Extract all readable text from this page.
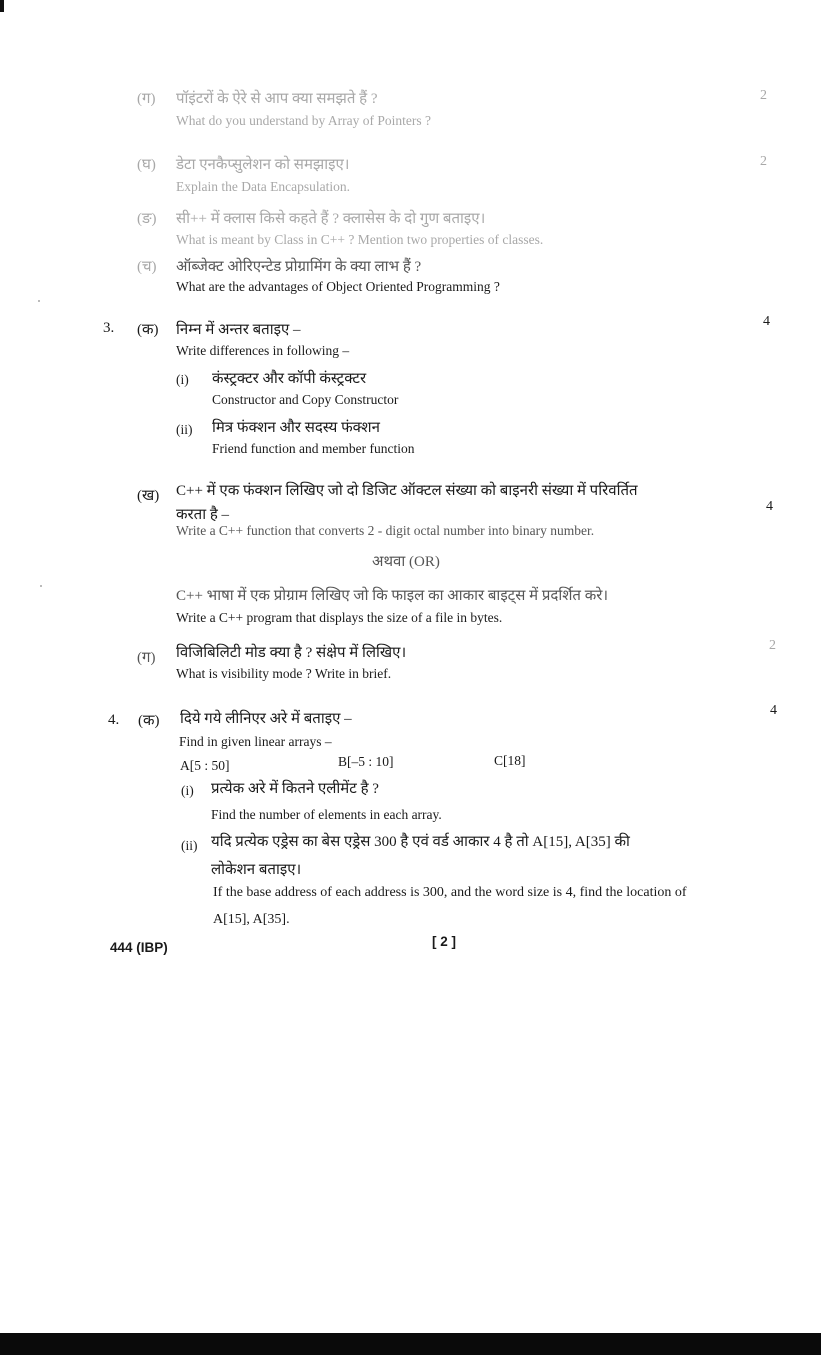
(ग) पॉइंटरों के ऐरे से आप क्या समझते हैं ?
What do you understand by Array of Pointers ?
2
(घ) डेटा एनकैप्सुलेशन को समझाइए।
Explain the Data Encapsulation.
2
(ङ) सी++ में क्लास किसे कहते हैं ? क्लासेस के दो गुण बताइए।
What is meant by Class in C++ ? Mention two properties of classes.
(च) ऑब्जेक्ट ओरिएन्टेड प्रोग्रामिंग के क्या लाभ हैं ?
What are the advantages of Object Oriented Programming ?
3. (क) निम्न में अन्तर बताइए –
4
Write differences in following –
(i) कंस्ट्रक्टर और कॉपी कंस्ट्रक्टर
Constructor and Copy Constructor
(ii) मित्र फंक्शन और सदस्य फंक्शन
Friend function and member function
(ख) C++ में एक फंक्शन लिखिए जो दो डिजिट ऑक्टल संख्या को बाइनरी संख्या में परिवर्तित
करता है –
4
Write a C++ function that converts 2 - digit octal number into binary number.
अथवा (OR)
C++ भाषा में एक प्रोग्राम लिखिए जो कि फाइल का आकार बाइट्स में प्रदर्शित करे।
Write a C++ program that displays the size of a file in bytes.
(ग) विजिबिलिटी मोड क्या है ? संक्षेप में लिखिए।	2
What is visibility mode ? Write in brief.
4. (क) दिये गये लीनिएर अरे में बताइए –
4
Find in given linear arrays –
A[5 : 50]	B[–5 : 10]	C[18]
(i) प्रत्येक अरे में कितने एलीमेंट है ?
Find the number of elements in each array.
(ii) यदि प्रत्येक एड्रेस का बेस एड्रेस 300 है एवं वर्ड आकार 4 है तो A[15], A[35] की
लोकेशन बताइए।
If the base address of each address is 300, and the word size is 4, find the location of
A[15], A[35].
444 (IBP)	[ 2 ]
